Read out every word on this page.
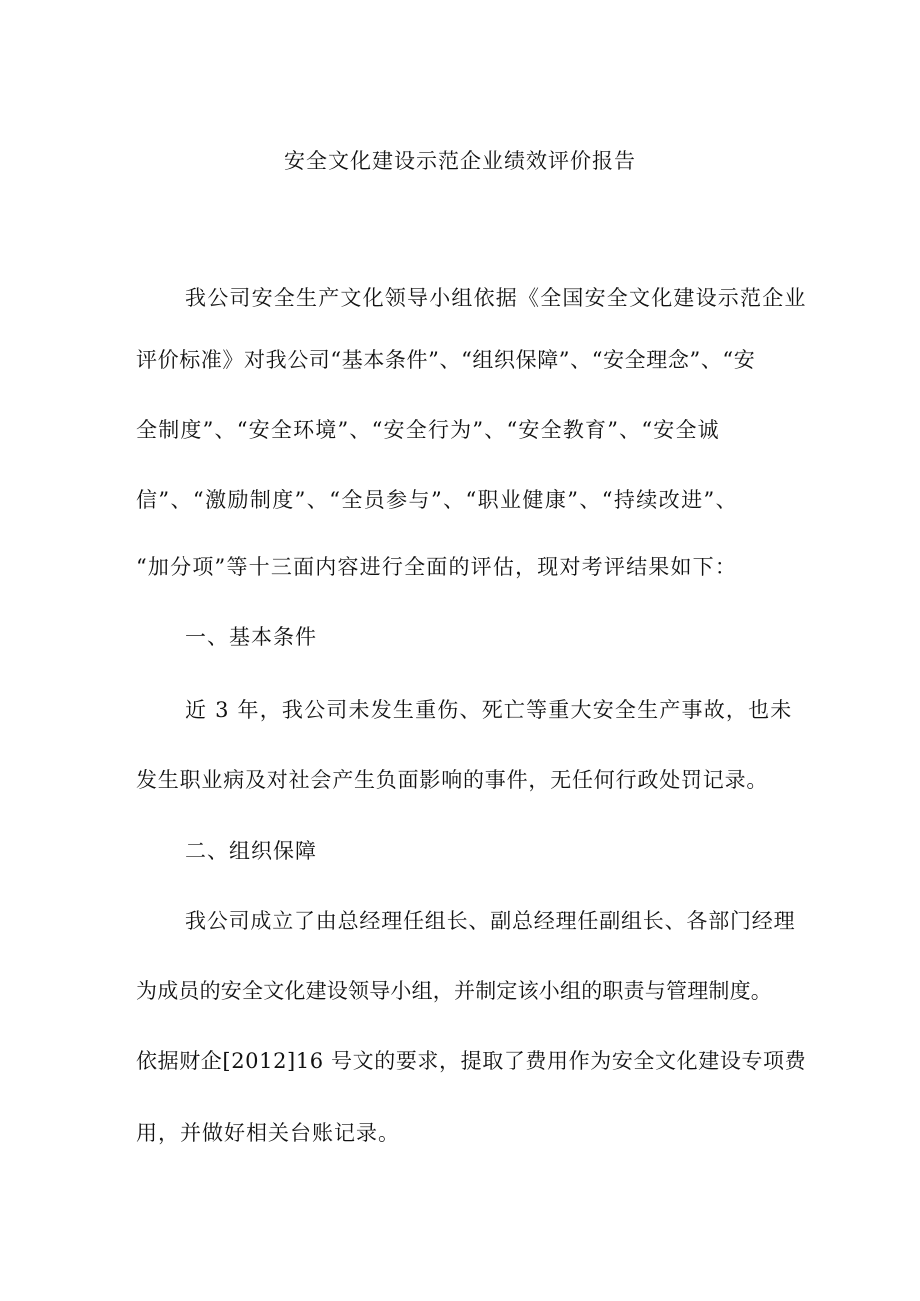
安全文化建设示范企业绩效评价报告
我公司安全生产文化领导小组依据《全国安全文化建设示范企业
评价标准》对我公司“基本条件”、“组织保障”、“安全理念”、“安
全制度”、“安全环境”、“安全行为”、“安全教育”、“安全诚
信”、“激励制度”、“全员参与”、“职业健康”、“持续改进”、
“加分项”等十三面内容进行全面的评估，现对考评结果如下：
一、基本条件
近 3 年，我公司未发生重伤、死亡等重大安全生产事故，也未
发生职业病及对社会产生负面影响的事件，无任何行政处罚记录。
二、组织保障
我公司成立了由总经理任组长、副总经理任副组长、各部门经理
为成员的安全文化建设领导小组，并制定该小组的职责与管理制度。
依据财企[2012]16 号文的要求，提取了费用作为安全文化建设专项费
用，并做好相关台账记录。
